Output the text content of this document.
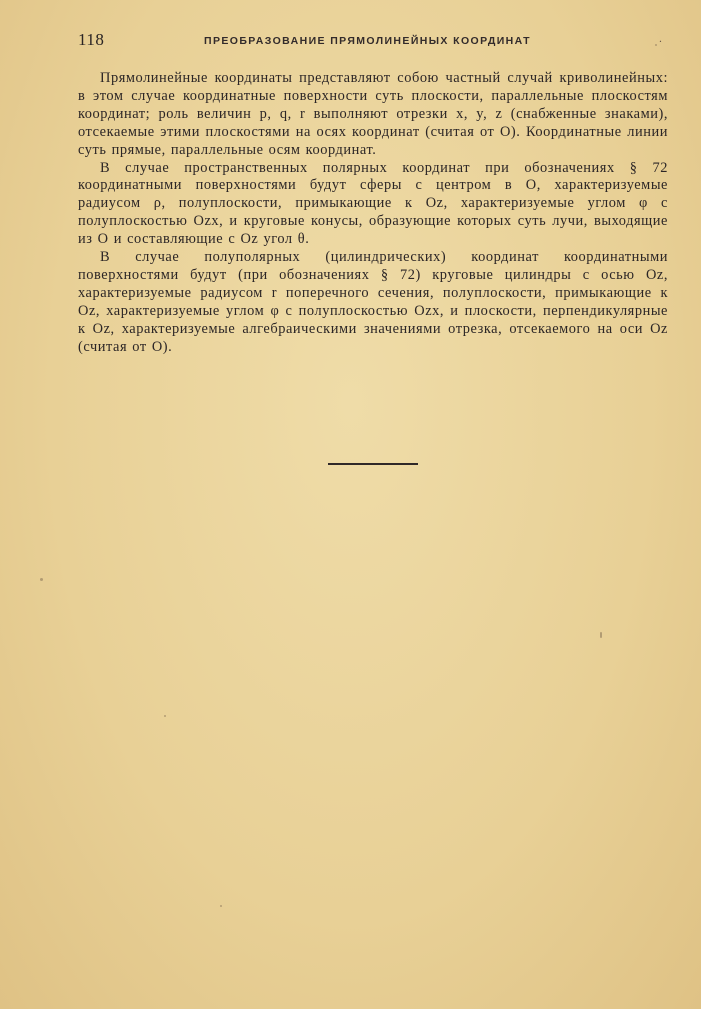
118	ПРЕОБРАЗОВАНИЕ ПРЯМОЛИНЕЙНЫХ КООРДИНАТ	.

Прямолинейные координаты представляют собою частный случай криволинейных: в этом случае координатные поверхности суть плоскости, параллельные плоскостям координат; роль величин p, q, r выполняют отрезки x, y, z (снабженные знаками), отсекаемые этими плоскостями на осях координат (считая от O). Координатные линии суть прямые, параллельные осям координат.

В случае пространственных полярных координат при обозначениях § 72 координатными поверхностями будут сферы с центром в O, характеризуемые радиусом ρ, полуплоскости, примыкающие к Oz, характеризуемые углом φ с полуплоскостью Ozx, и круговые конусы, образующие которых суть лучи, выходящие из O и составляющие с Oz угол θ.

В случае полуполярных (цилиндрических) координат координатными поверхностями будут (при обозначениях § 72) круговые цилиндры с осью Oz, характеризуемые радиусом r поперечного сечения, полуплоскости, примыкающие к Oz, характеризуемые углом φ с полуплоскостью Ozx, и плоскости, перпендикулярные к Oz, характеризуемые алгебраическими значениями отрезка, отсекаемого на оси Oz (считая от O).
